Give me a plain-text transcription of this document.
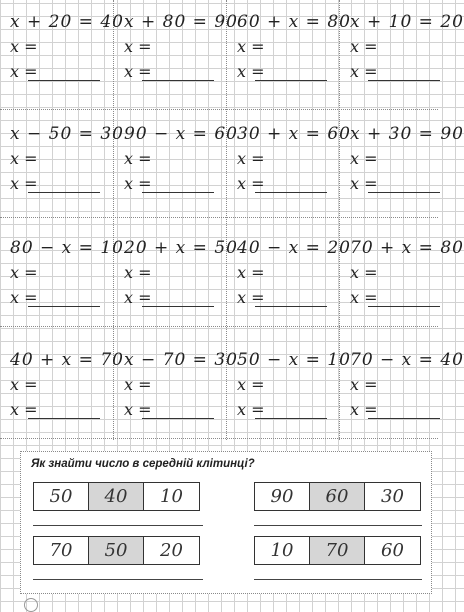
𝑥 + 20 = 40
𝑥 =
𝑥 =
𝑥 + 80 = 90
𝑥 =
𝑥 =
60 + 𝑥 = 80
𝑥 =
𝑥 =
𝑥 + 10 = 20
𝑥 =
𝑥 =
𝑥 − 50 = 30
𝑥 =
𝑥 =
90 − 𝑥 = 60
𝑥 =
𝑥 =
30 + 𝑥 = 60
𝑥 =
𝑥 =
𝑥 + 30 = 90
𝑥 =
𝑥 =
80 − 𝑥 = 10
𝑥 =
𝑥 =
20 + 𝑥 = 50
𝑥 =
𝑥 =
40 − 𝑥 = 20
𝑥 =
𝑥 =
70 + 𝑥 = 80
𝑥 =
𝑥 =
40 + 𝑥 = 70
𝑥 =
𝑥 =
𝑥 − 70 = 30
𝑥 =
𝑥 =
50 − 𝑥 = 10
𝑥 =
𝑥 =
70 − 𝑥 = 40
𝑥 =
𝑥 =
Як знайти число в середній клітинці?
50	40	10	90	60	30
70	50	20	10	70	60
